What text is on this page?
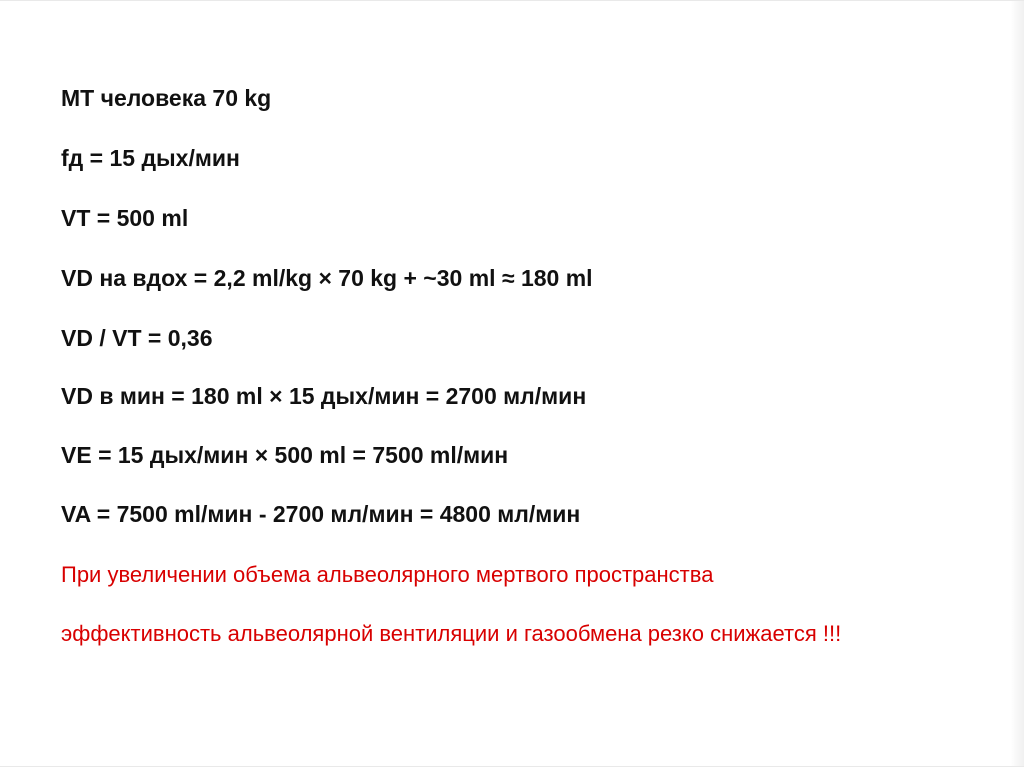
MT человека 70 kg
fд = 15 дых/мин
VT = 500 ml
VD на вдох = 2,2 ml/kg × 70 kg + ~30 ml ≈ 180 ml
VD / VT = 0,36
VD в мин = 180 ml × 15 дых/мин = 2700 мл/мин
VE = 15 дых/мин × 500 ml = 7500 ml/мин
VA = 7500 ml/мин - 2700 мл/мин = 4800 мл/мин
При увеличении объема альвеолярного мертвого пространства
эффективность альвеолярной вентиляции и газообмена резко снижается !!!
